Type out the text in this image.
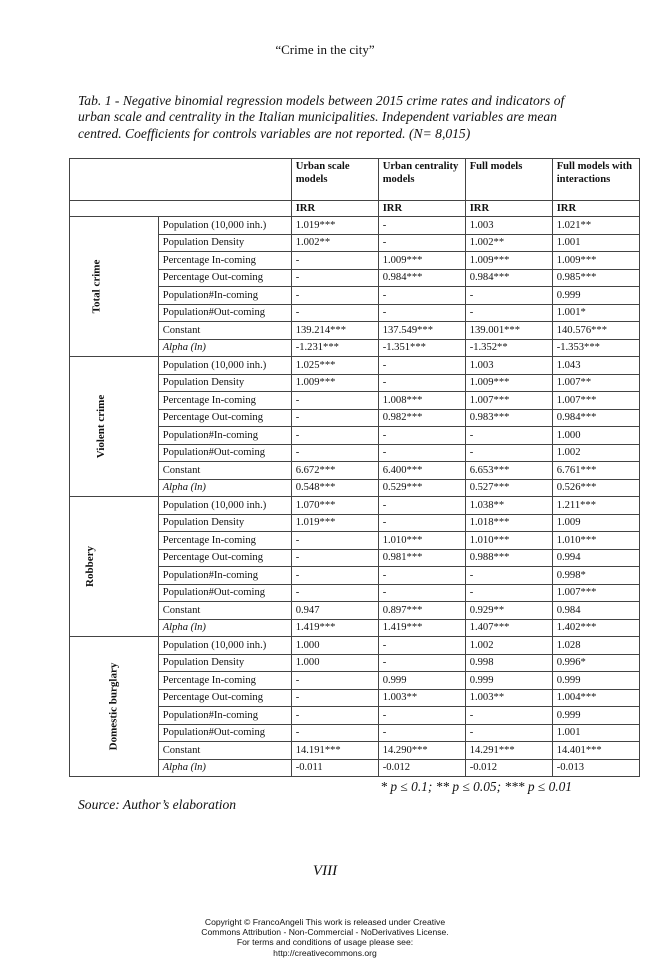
“Crime in the city”
Tab. 1 - Negative binomial regression models between 2015 crime rates and indicators of urban scale and centrality in the Italian municipalities. Independent variables are mean centred. Coefficients for controls variables are not reported. (N= 8,015)
		Urban scale models	Urban centrality models	Full models	Full models with interactions
		IRR	IRR	IRR	IRR
Total crime	Population (10,000 inh.)	1.019***	-	1.003	1.021**
	Population Density	1.002**	-	1.002**	1.001
	Percentage In-coming	-	1.009***	1.009***	1.009***
	Percentage Out-coming	-	0.984***	0.984***	0.985***
	Population#In-coming	-	-	-	0.999
	Population#Out-coming	-	-	-	1.001*
	Constant	139.214***	137.549***	139.001***	140.576***
	Alpha (ln)	-1.231***	-1.351***	-1.352**	-1.353***
Violent crime	Population (10,000 inh.)	1.025***	-	1.003	1.043
	Population Density	1.009***	-	1.009***	1.007**
	Percentage In-coming	-	1.008***	1.007***	1.007***
	Percentage Out-coming	-	0.982***	0.983***	0.984***
	Population#In-coming	-	-	-	1.000
	Population#Out-coming	-	-	-	1.002
	Constant	6.672***	6.400***	6.653***	6.761***
	Alpha (ln)	0.548***	0.529***	0.527***	0.526***
Robbery	Population (10,000 inh.)	1.070***	-	1.038**	1.211***
	Population Density	1.019***	-	1.018***	1.009
	Percentage In-coming	-	1.010***	1.010***	1.010***
	Percentage Out-coming	-	0.981***	0.988***	0.994
	Population#In-coming	-	-	-	0.998*
	Population#Out-coming	-	-	-	1.007***
	Constant	0.947	0.897***	0.929**	0.984
	Alpha (ln)	1.419***	1.419***	1.407***	1.402***
Domestic burglary	Population (10,000 inh.)	1.000	-	1.002	1.028
	Population Density	1.000	-	0.998	0.996*
	Percentage In-coming	-	0.999	0.999	0.999
	Percentage Out-coming	-	1.003**	1.003**	1.004***
	Population#In-coming	-	-	-	0.999
	Population#Out-coming	-	-	-	1.001
	Constant	14.191***	14.290***	14.291***	14.401***
	Alpha (ln)	-0.011	-0.012	-0.012	-0.013
* p ≤ 0.1; ** p ≤ 0.05; *** p ≤ 0.01
Source: Author’s elaboration
VIII
Copyright © FrancoAngeli This work is released under Creative
Commons Attribution - Non-Commercial - NoDerivatives License.
For terms and conditions of usage please see:
http://creativecommons.org
